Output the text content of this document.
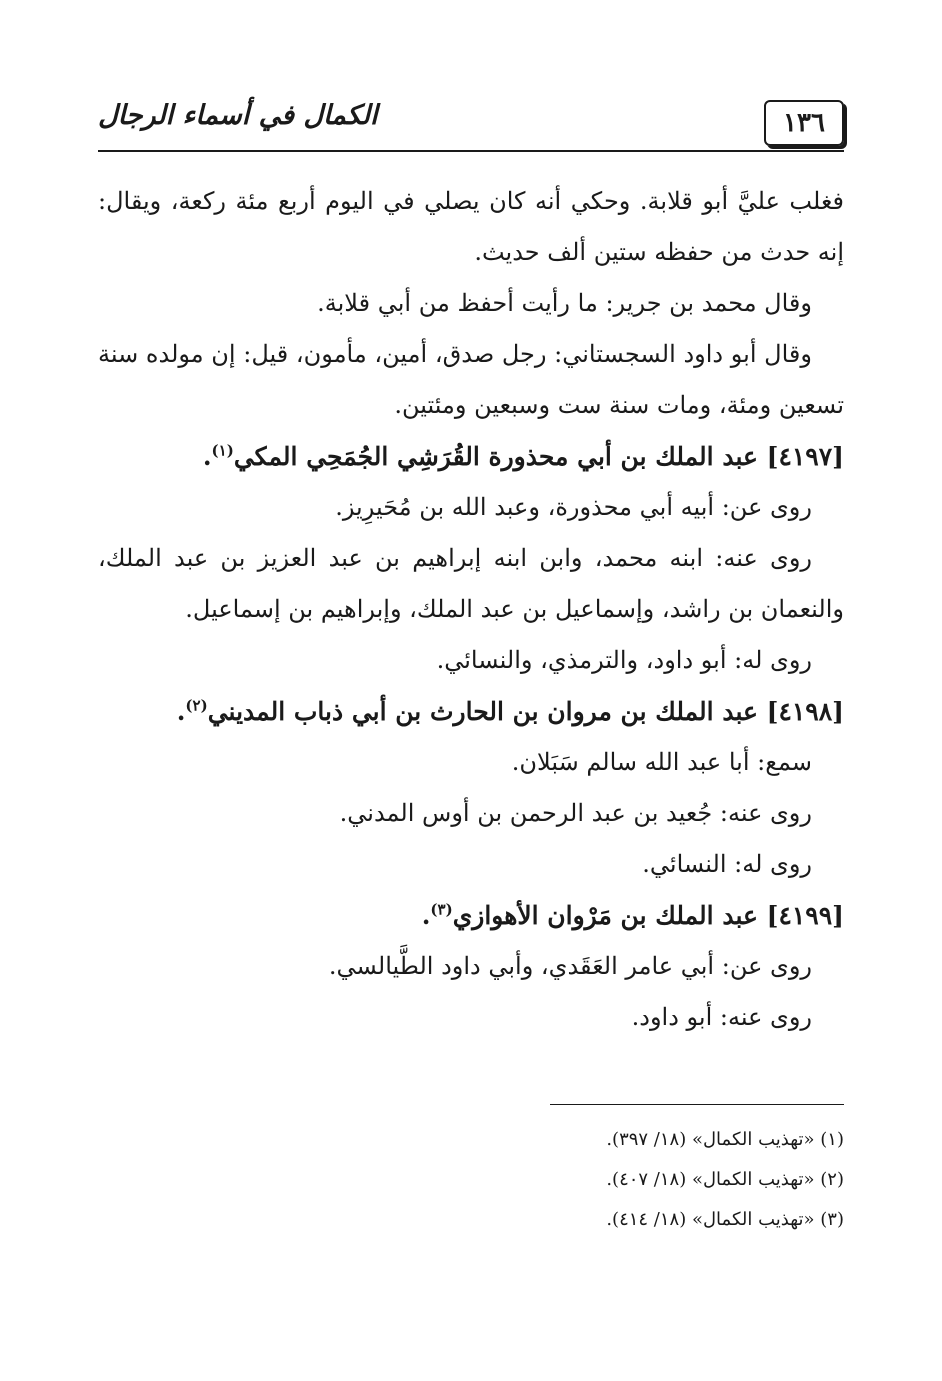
الكمال في أسماء الرجال	١٣٦

فغلب عليَّ أبو قلابة. وحكي أنه كان يصلي في اليوم أربع مئة ركعة، ويقال: إنه حدث من حفظه ستين ألف حديث.

وقال محمد بن جرير: ما رأيت أحفظ من أبي قلابة.

وقال أبو داود السجستاني: رجل صدق، أمين، مأمون، قيل: إن مولده سنة تسعين ومئة، ومات سنة ست وسبعين ومئتين.

[٤١٩٧] عبد الملك بن أبي محذورة القُرَشِي الجُمَحِي المكي$^{(١)}$.

روى عن: أبيه أبي محذورة، وعبد الله بن مُحَيرِيز.

روى عنه: ابنه محمد، وابن ابنه إبراهيم بن عبد العزيز بن عبد الملك، والنعمان بن راشد، وإسماعيل بن عبد الملك، وإبراهيم بن إسماعيل.

روى له: أبو داود، والترمذي، والنسائي.

[٤١٩٨] عبد الملك بن مروان بن الحارث بن أبي ذباب المديني$^{(٢)}$.

سمع: أبا عبد الله سالم سَبَلان.

روى عنه: جُعيد بن عبد الرحمن بن أوس المدني.

روى له: النسائي.

[٤١٩٩] عبد الملك بن مَرْوان الأهوازي$^{(٣)}$.

روى عن: أبي عامر العَقَدي، وأبي داود الطَّيالسي.

روى عنه: أبو داود.

(١) «تهذيب الكمال» (١٨/ ٣٩٧).
(٢) «تهذيب الكمال» (١٨/ ٤٠٧).
(٣) «تهذيب الكمال» (١٨/ ٤١٤).
